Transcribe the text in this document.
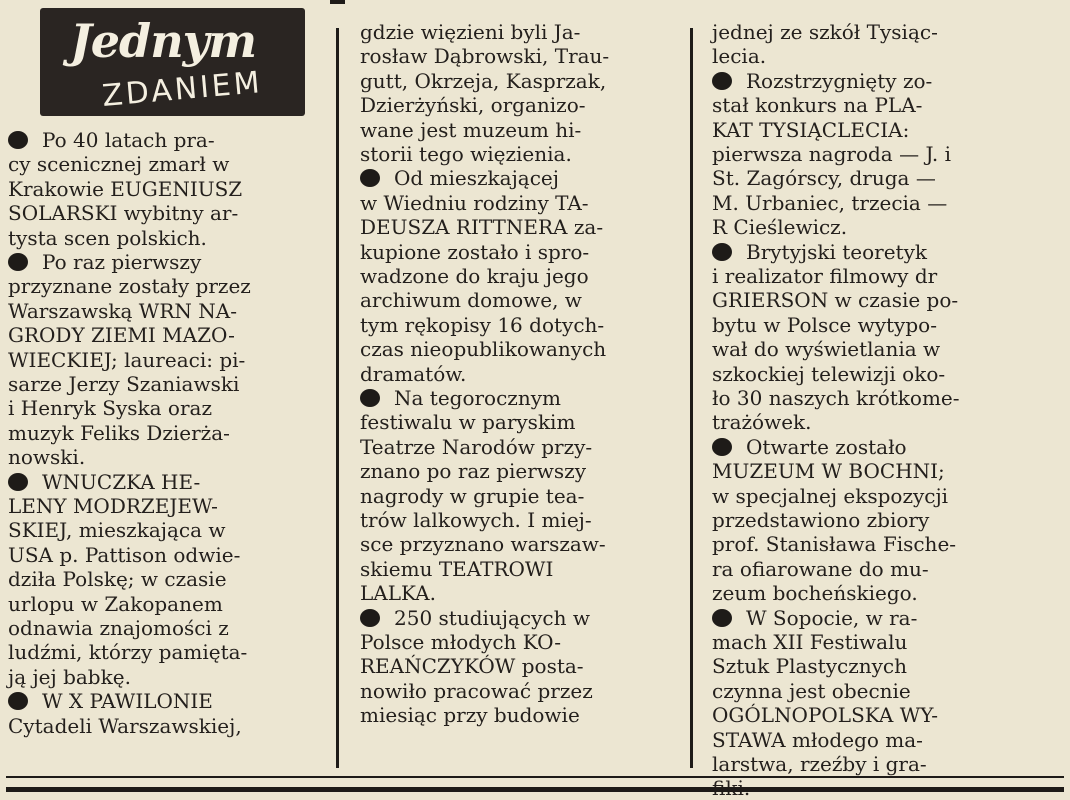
Jednym
ZDANIEM
Po 40 latach pra-
cy scenicznej zmarł w
Krakowie EUGENIUSZ
SOLARSKI wybitny ar-
tysta scen polskich.
Po raz pierwszy
przyznane zostały przez
Warszawską WRN NA-
GRODY ZIEMI MAZO-
WIECKIEJ; laureaci: pi-
sarze Jerzy Szaniawski
i Henryk Syska oraz
muzyk Feliks Dzierża-
nowski.
WNUCZKA HE-
LENY MODRZEJEW-
SKIEJ, mieszkająca w
USA p. Pattison odwie-
dziła Polskę; w czasie
urlopu w Zakopanem
odnawia znajomości z
ludźmi, którzy pamięta-
ją jej babkę.
W X PAWILONIE
Cytadeli Warszawskiej,
gdzie więzieni byli Ja-
rosław Dąbrowski, Trau-
gutt, Okrzeja, Kasprzak,
Dzierżyński, organizo-
wane jest muzeum hi-
storii tego więzienia.
Od mieszkającej
w Wiedniu rodziny TA-
DEUSZA RITTNERA za-
kupione zostało i spro-
wadzone do kraju jego
archiwum domowe, w
tym rękopisy 16 dotych-
czas nieopublikowanych
dramatów.
Na tegorocznym
festiwalu w paryskim
Teatrze Narodów przy-
znano po raz pierwszy
nagrody w grupie tea-
trów lalkowych. I miej-
sce przyznano warszaw-
skiemu TEATROWI
LALKA.
250 studiujących w
Polsce młodych KO-
REAŃCZYKÓW posta-
nowiło pracować przez
miesiąc przy budowie
jednej ze szkół Tysiąc-
lecia.
Rozstrzygnięty zo-
stał konkurs na PLA-
KAT TYSIĄCLECIA:
pierwsza nagroda — J. i
St. Zagórscy, druga —
M. Urbaniec, trzecia —
R Cieślewicz.
Brytyjski teoretyk
i realizator filmowy dr
GRIERSON w czasie po-
bytu w Polsce wytypo-
wał do wyświetlania w
szkockiej telewizji oko-
ło 30 naszych krótkome-
trażówek.
Otwarte zostało
MUZEUM W BOCHNI;
w specjalnej ekspozycji
przedstawiono zbiory
prof. Stanisława Fische-
ra ofiarowane do mu-
zeum bocheńskiego.
W Sopocie, w ra-
mach XII Festiwalu
Sztuk Plastycznych
czynna jest obecnie
OGÓLNOPOLSKA WY-
STAWA młodego ma-
larstwa, rzeźby i gra-
